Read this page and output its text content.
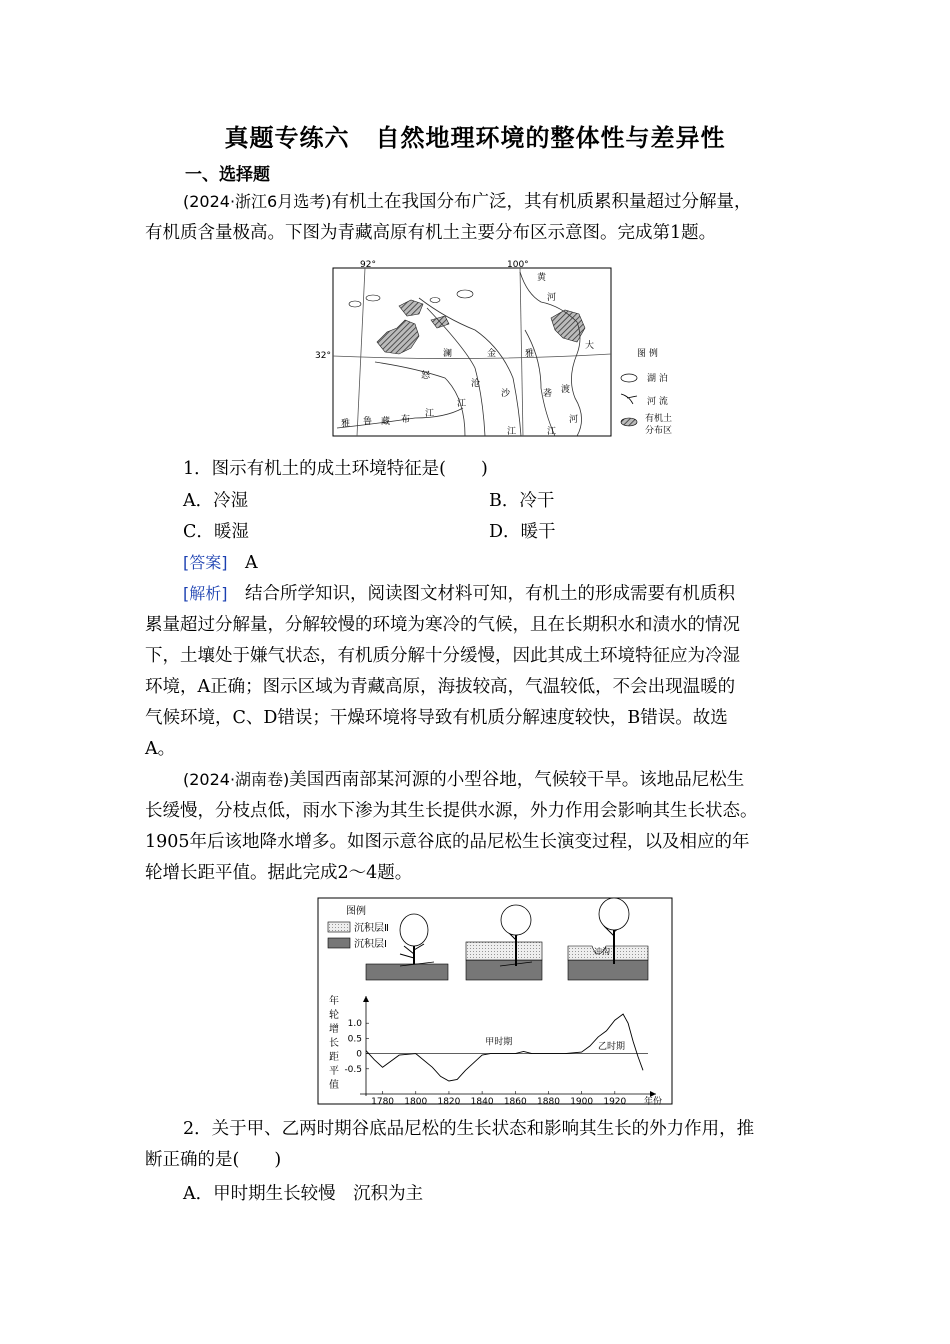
真题专练六 自然地理环境的整体性与差异性
一、选择题
(2024·浙江6月选考)有机土在我国分布广泛，其有机质累积量超过分解量，
有机质含量极高。下图为青藏高原有机土主要分布区示意图。完成第1题。
92°	100°
32°
黄
河
大
澜	金	雅
沧
沙	砻
怒
江
渡
雅 鲁 藏 布
江
江	江
河
图 例
湖 泊
河 流
有机土
分布区
1．图示有机土的成土环境特征是(　　)
A．冷湿	B．冷干
C．暖湿	D．暖干
[答案]　 A
[解析]　 结合所学知识，阅读图文材料可知，有机土的形成需要有机质积
累量超过分解量，分解较慢的环境为寒冷的气候，且在长期积水和渍水的情况
下，土壤处于嫌气状态，有机质分解十分缓慢，因此其成土环境特征应为冷湿
环境，A正确；图示区域为青藏高原，海拔较高，气温较低，不会出现温暖的
气候环境，C、D错误；干燥环境将导致有机质分解速度较快，B错误。故选
A。
(2024·湖南卷)美国西南部某河源的小型谷地，气候较干旱。该地品尼松生
长缓慢，分枝点低，雨水下渗为其生长提供水源，外力作用会影响其生长状态。
1905年后该地降水增多。如图示意谷底的品尼松生长演变过程，以及相应的年
轮增长距平值。据此完成2～4题。
图例
沉积层Ⅱ
沉积层Ⅰ
冲沟
1.0
0.5
0
-0.5
1780 1800 1820 1840 1860 1880 1900 1920 年份
年
轮
增
长
距
平
值
甲时期	乙时期
2．关于甲、乙两时期谷底品尼松的生长状态和影响其生长的外力作用，推
断正确的是(　　)
A．甲时期生长较慢　沉积为主
